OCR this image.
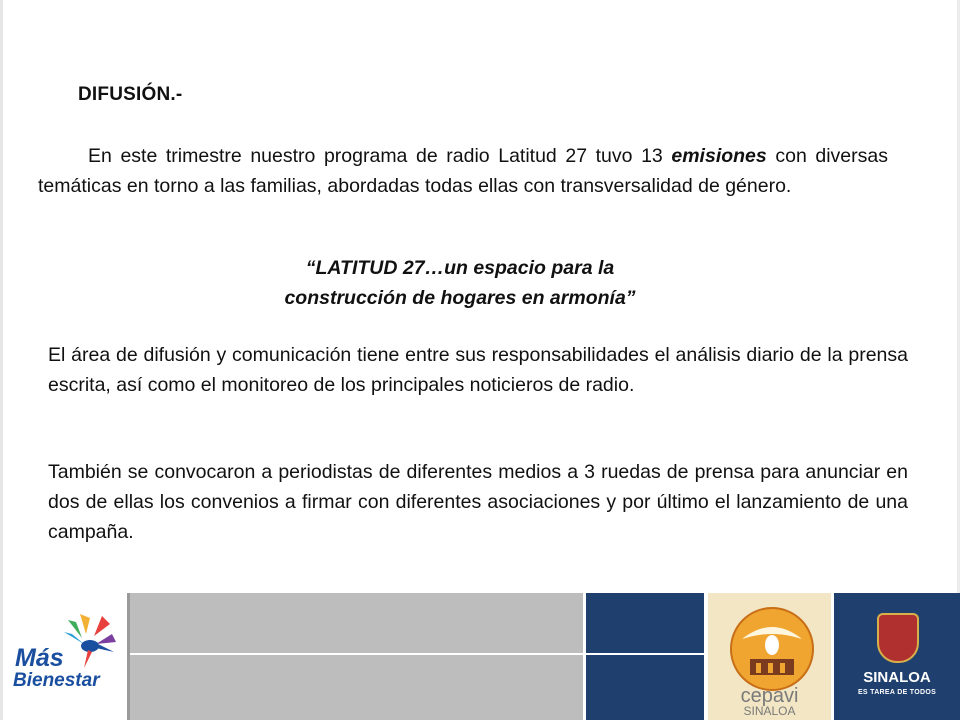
DIFUSIÓN.-
En este trimestre nuestro programa de radio Latitud 27 tuvo 13 emisiones con diversas temáticas en torno a las familias, abordadas todas ellas con transversalidad de género.
“LATITUD 27…un espacio para la
construcción de hogares en armonía”
El área de difusión y comunicación tiene entre sus responsabilidades el análisis diario de la prensa escrita, así como el monitoreo de los principales noticieros de radio.
También se convocaron a periodistas de diferentes medios a 3 ruedas de prensa para anunciar en dos de ellas los convenios a firmar con diferentes asociaciones y por último el lanzamiento de una campaña.
Más
Bienestar
cepavi
SINALOA
SINALOA
ES TAREA DE TODOS
